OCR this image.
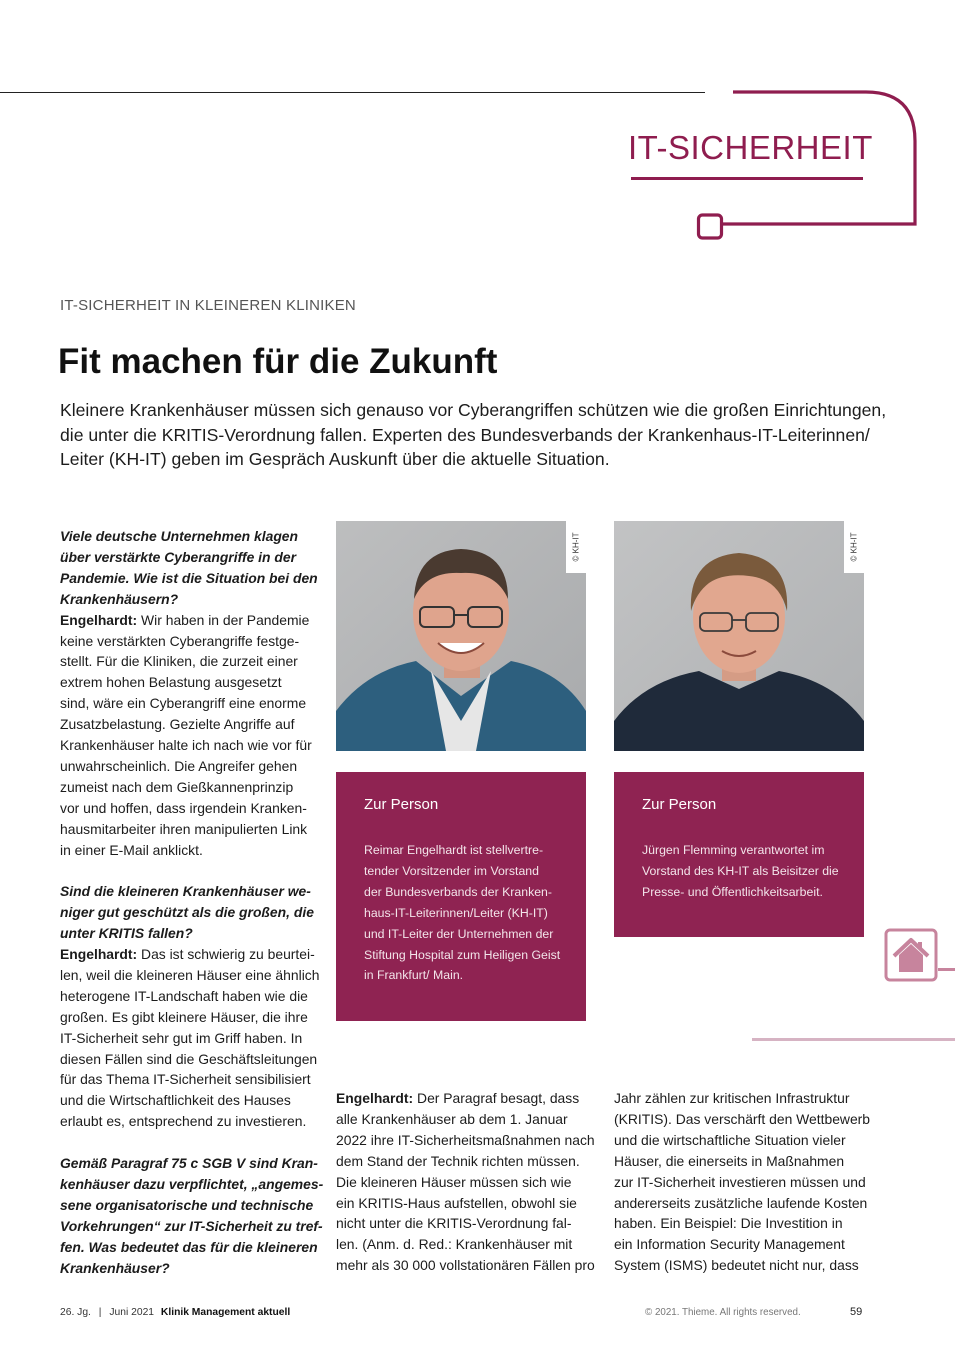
IT-SICHERHEIT
IT-SICHERHEIT IN KLEINEREN KLINIKEN
Fit machen für die Zukunft
Kleinere Krankenhäuser müssen sich genauso vor Cyberangriffen schützen wie die großen Einrichtungen,
die unter die KRITIS-Verordnung fallen. Experten des Bundesverbands der Krankenhaus-IT-Leiterinnen/
Leiter (KH-IT) geben im Gespräch Auskunft über die aktuelle Situation.
Viele deutsche Unternehmen klagen
über verstärkte Cyberangriffe in der
Pandemie. Wie ist die Situation bei den
Krankenhäusern?
Engelhardt: Wir haben in der Pandemie
keine verstärkten Cyberangriffe festge-
stellt. Für die Kliniken, die zurzeit einer
extrem hohen Belastung ausgesetzt
sind, wäre ein Cyberangriff eine enorme
Zusatzbelastung. Gezielte Angriffe auf
Krankenhäuser halte ich nach wie vor für
unwahrscheinlich. Die Angreifer gehen
zumeist nach dem Gießkannenprinzip
vor und hoffen, dass irgendein Kranken-
hausmitarbeiter ihren manipulierten Link
in einer E-Mail anklickt.
Sind die kleineren Krankenhäuser we-
niger gut geschützt als die großen, die
unter KRITIS fallen?
Engelhardt: Das ist schwierig zu beurtei-
len, weil die kleineren Häuser eine ähnlich
heterogene IT-Landschaft haben wie die
großen. Es gibt kleinere Häuser, die ihre
IT-Sicherheit sehr gut im Griff haben. In
diesen Fällen sind die Geschäftsleitungen
für das Thema IT-Sicherheit sensibilisiert
und die Wirtschaftlichkeit des Hauses
erlaubt es, entsprechend zu investieren.
Gemäß Paragraf 75 c SGB V sind Kran-
kenhäuser dazu verpflichtet, „angemes-
sene organisatorische und technische
Vorkehrungen“ zur IT-Sicherheit zu tref-
fen. Was bedeutet das für die kleineren
Krankenhäuser?
© KH-IT	© KH-IT
Zur Person
Reimar Engelhardt ist stellvertre-
tender Vorsitzender im Vorstand
der Bundesverbands der Kranken-
haus-IT-Leiterinnen/Leiter (KH-IT)
und IT-Leiter der Unternehmen der
Stiftung Hospital zum Heiligen Geist
in Frankfurt/ Main.
Zur Person
Jürgen Flemming verantwortet im
Vorstand des KH-IT als Beisitzer die
Presse- und Öffentlichkeitsarbeit.
Engelhardt: Der Paragraf besagt, dass
alle Krankenhäuser ab dem 1. Januar
2022 ihre IT-Sicherheitsmaßnahmen nach
dem Stand der Technik richten müssen.
Die kleineren Häuser müssen sich wie
ein KRITIS-Haus aufstellen, obwohl sie
nicht unter die KRITIS-Verordnung fal-
len. (Anm. d. Red.: Krankenhäuser mit
mehr als 30 000 vollstationären Fällen pro
Jahr zählen zur kritischen Infrastruktur
(KRITIS). Das verschärft den Wettbewerb
und die wirtschaftliche Situation vieler
Häuser, die einerseits in Maßnahmen
zur IT-Sicherheit investieren müssen und
andererseits zusätzliche laufende Kosten
haben. Ein Beispiel: Die Investition in
ein Information Security Management
System (ISMS) bedeutet nicht nur, dass
26. Jg. | Juni 2021 Klinik Management aktuell	© 2021. Thieme. All rights reserved.	59
